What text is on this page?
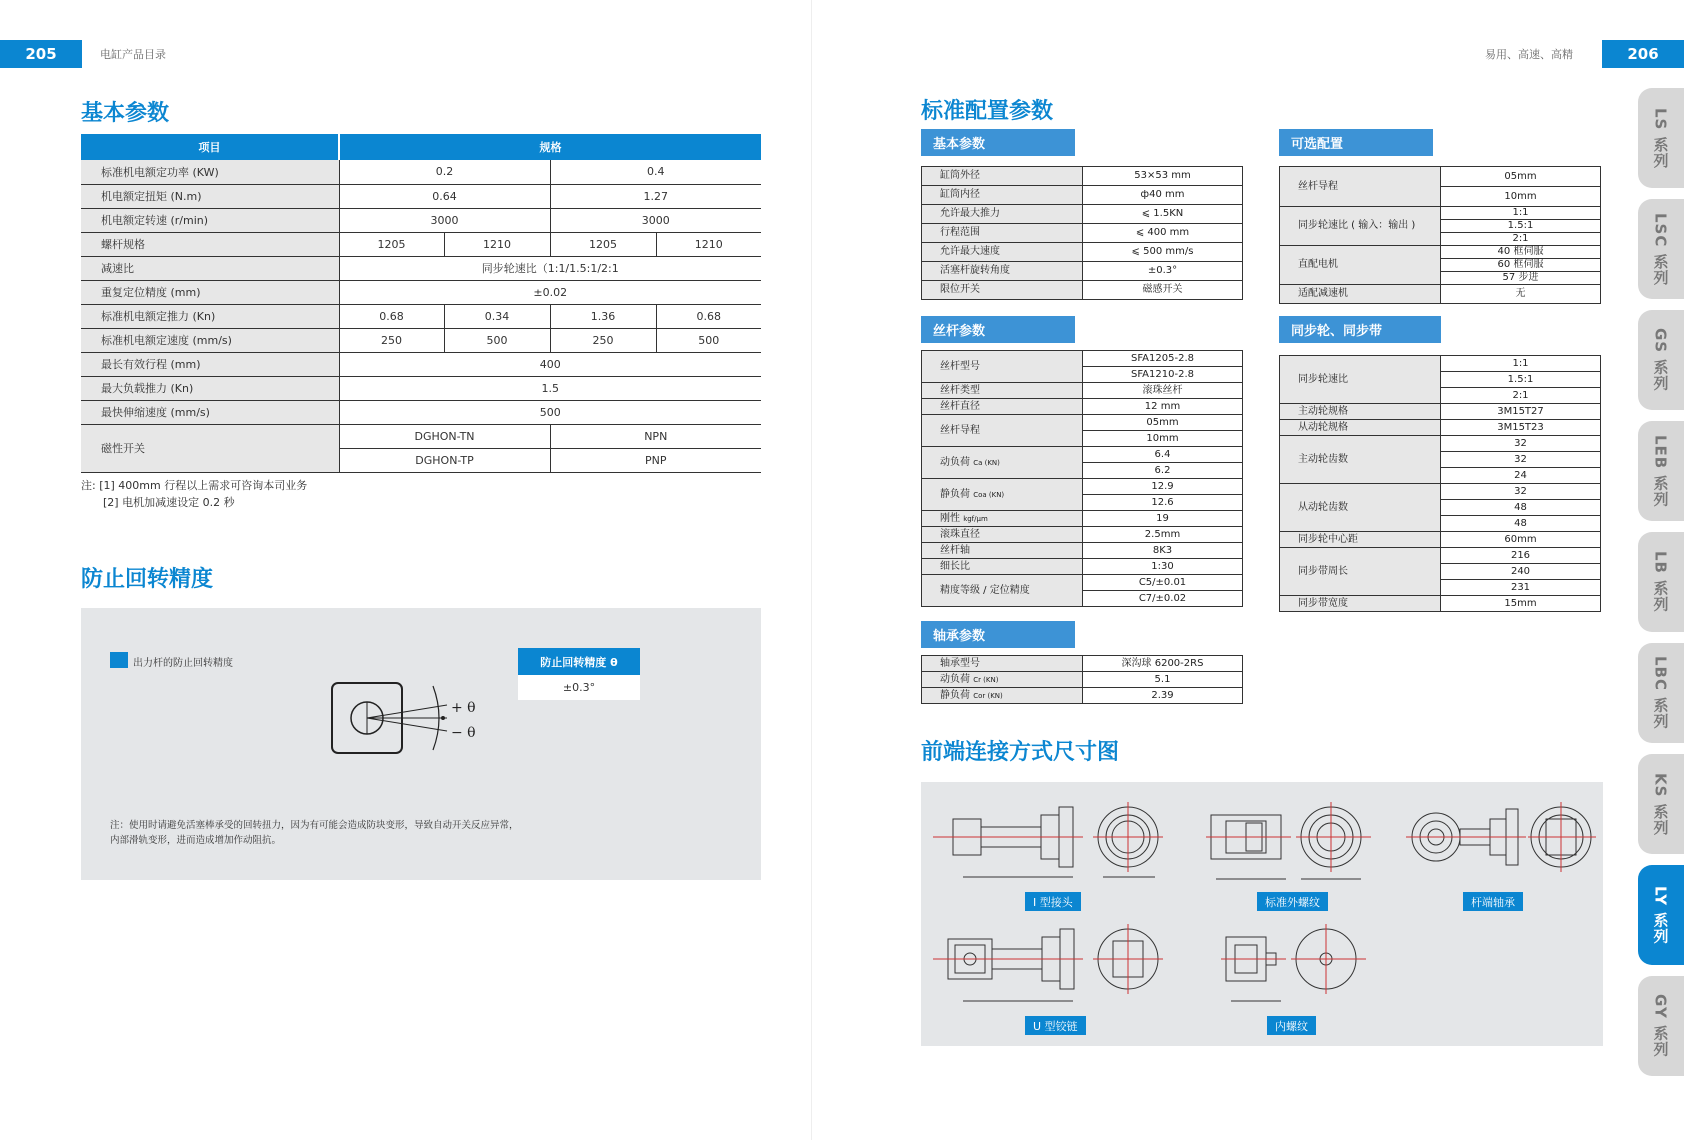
205	电缸产品目录	易用、高速、高精	206
基本参数
项目	规格			
标准机电额定功率 (KW)	0.2		0.4	
机电额定扭矩 (N.m)	0.64		1.27	
机电额定转速 (r/min)	3000		3000	
螺杆规格	1205	1210	1205	1210
减速比	同步轮速比（1:1/1.5:1/2:1			
重复定位精度 (mm)	±0.02			
标准机电额定推力 (Kn)	0.68	0.34	1.36	0.68
标准机电额定速度 (mm/s)	250	500	250	500
最长有效行程 (mm)	400			
最大负载推力 (Kn)	1.5			
最快伸缩速度 (mm/s)	500			
磁性开关	DGHON-TN		NPN	
	DGHON-TP		PNP	
注: [1] 400mm 行程以上需求可咨询本司业务
[2] 电机加减速设定 0.2 秒
防止回转精度
出力杆的防止回转精度
+ θ
− θ
防止回转精度 θ
±0.3°
注：使用时请避免活塞棒承受的回转扭力，因为有可能会造成防块变形，导致自动开关反应异常，
内部滑轨变形，进而造成增加作动阻抗。
标准配置参数
基本参数
缸筒外径	53×53 mm
缸筒内径	ф40 mm
允许最大推力	⩽ 1.5KN
行程范围	⩽ 400 mm
允许最大速度	⩽ 500 mm/s
活塞杆旋转角度	±0.3°
限位开关	磁感开关
可选配置
丝杆导程	05mm
	10mm
同步轮速比 ( 输入：输出 )	1:1
	1.5:1
	2:1
直配电机	40 框伺服
	60 框伺服
	57 步进
适配减速机	无
丝杆参数
丝杆型号	SFA1205-2.8
	SFA1210-2.8
丝杆类型	滚珠丝杆
丝杆直径	12 mm
丝杆导程	05mm
	10mm
动负荷 Ca (KN)	6.4
	6.2
静负荷 Coa (KN)	12.9
	12.6
刚性 kgf/μm	19
滚珠直径	2.5mm
丝杆轴	8K3
细长比	1:30
精度等级 / 定位精度	C5/±0.01
	C7/±0.02
同步轮、同步带
同步轮速比	1:1
	1.5:1
	2:1
主动轮规格	3M15T27
从动轮规格	3M15T23
主动轮齿数	32
	32
	24
从动轮齿数	32
	48
	48
同步轮中心距	60mm
同步带周长	216
	240
	231
同步带宽度	15mm
轴承参数
轴承型号	深沟球 6200-2RS
动负荷 Cr (KN)	5.1
静负荷 Cor (KN)	2.39
前端连接方式尺寸图
I 型接头	标准外螺纹	杆端轴承
U 型铰链	内螺纹
LS 系列
LSC 系列
GS 系列
LEB 系列
LB 系列
LBC 系列
KS 系列
LY 系列
GY 系列
